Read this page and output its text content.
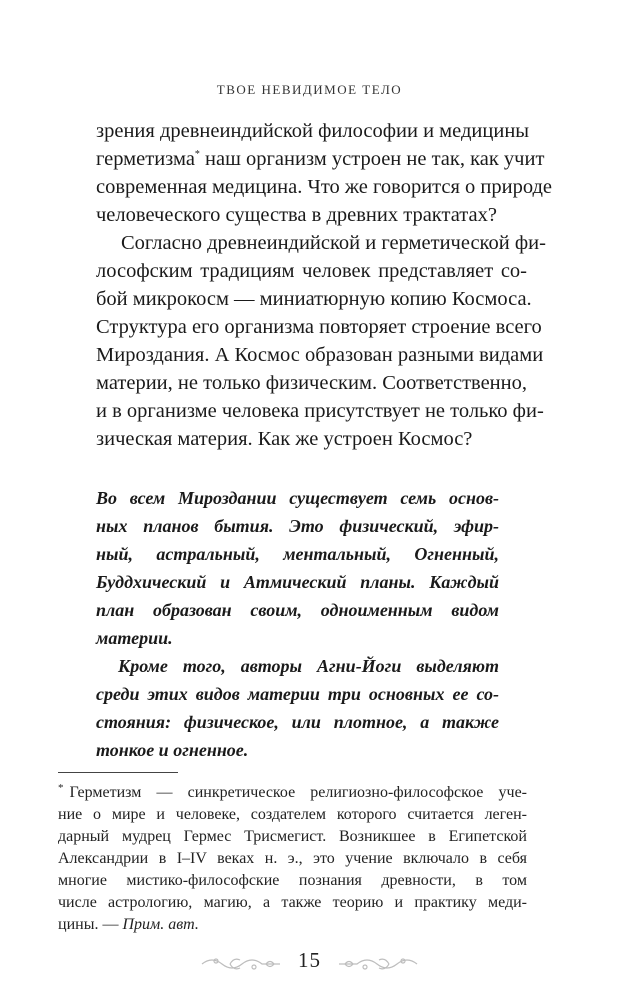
ТВОЕ НЕВИДИМОЕ ТЕЛО
зрения древнеиндийской философии и медицины
герметизма* наш организм устроен не так, как учит
современная медицина. Что же говорится о природе
человеческого существа в древних трактатах?
Согласно древнеиндийской и герметической фи-
лософским традициям человек представляет со-
бой микрокосм — миниатюрную копию Космоса.
Структура его организма повторяет строение всего
Мироздания. А Космос образован разными видами
материи, не только физическим. Соответственно,
и в организме человека присутствует не только фи-
зическая материя. Как же устроен Космос?
Во всем Мироздании существует семь основ-
ных планов бытия. Это физический, эфир-
ный, астральный, ментальный, Огненный,
Буддхический и Атмический планы. Каждый
план образован своим, одноименным видом
материи.
Кроме того, авторы Агни-Йоги выделяют
среди этих видов материи три основных ее со-
стояния: физическое, или плотное, а также
тонкое и огненное.
* Герметизм — синкретическое религиозно-философское уче-
ние о мире и человеке, создателем которого считается леген-
дарный мудрец Гермес Трисмегист. Возникшее в Египетской
Александрии в I–IV веках н. э., это учение включало в себя
многие мистико-философские познания древности, в том
числе астрологию, магию, а также теорию и практику меди-
цины. — Прим. авт.
15
